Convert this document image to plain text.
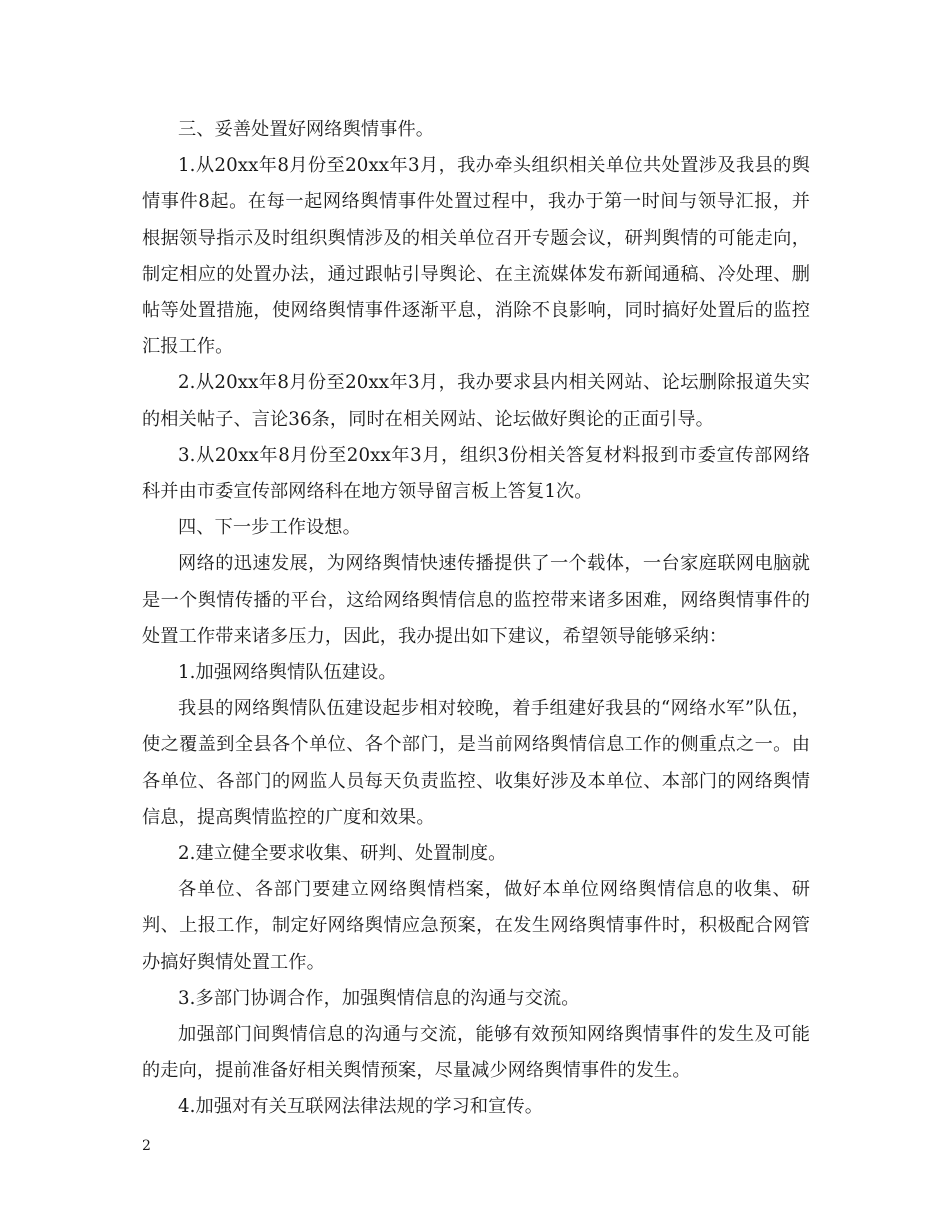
三、妥善处置好网络舆情事件。

1.从20xx年8月份至20xx年3月，我办牵头组织相关单位共处置涉及我县的舆情事件8起。在每一起网络舆情事件处置过程中，我办于第一时间与领导汇报，并根据领导指示及时组织舆情涉及的相关单位召开专题会议，研判舆情的可能走向，制定相应的处置办法，通过跟帖引导舆论、在主流媒体发布新闻通稿、冷处理、删帖等处置措施，使网络舆情事件逐渐平息，消除不良影响，同时搞好处置后的监控汇报工作。

2.从20xx年8月份至20xx年3月，我办要求县内相关网站、论坛删除报道失实的相关帖子、言论36条，同时在相关网站、论坛做好舆论的正面引导。

3.从20xx年8月份至20xx年3月，组织3份相关答复材料报到市委宣传部网络科并由市委宣传部网络科在地方领导留言板上答复1次。

四、下一步工作设想。

网络的迅速发展，为网络舆情快速传播提供了一个载体，一台家庭联网电脑就是一个舆情传播的平台，这给网络舆情信息的监控带来诸多困难，网络舆情事件的处置工作带来诸多压力，因此，我办提出如下建议，希望领导能够采纳：

1.加强网络舆情队伍建设。

我县的网络舆情队伍建设起步相对较晚，着手组建好我县的“网络水军”队伍，使之覆盖到全县各个单位、各个部门，是当前网络舆情信息工作的侧重点之一。由各单位、各部门的网监人员每天负责监控、收集好涉及本单位、本部门的网络舆情信息，提高舆情监控的广度和效果。

2.建立健全要求收集、研判、处置制度。

各单位、各部门要建立网络舆情档案，做好本单位网络舆情信息的收集、研判、上报工作，制定好网络舆情应急预案，在发生网络舆情事件时，积极配合网管办搞好舆情处置工作。

3.多部门协调合作，加强舆情信息的沟通与交流。

加强部门间舆情信息的沟通与交流，能够有效预知网络舆情事件的发生及可能的走向，提前准备好相关舆情预案，尽量减少网络舆情事件的发生。

4.加强对有关互联网法律法规的学习和宣传。

2
